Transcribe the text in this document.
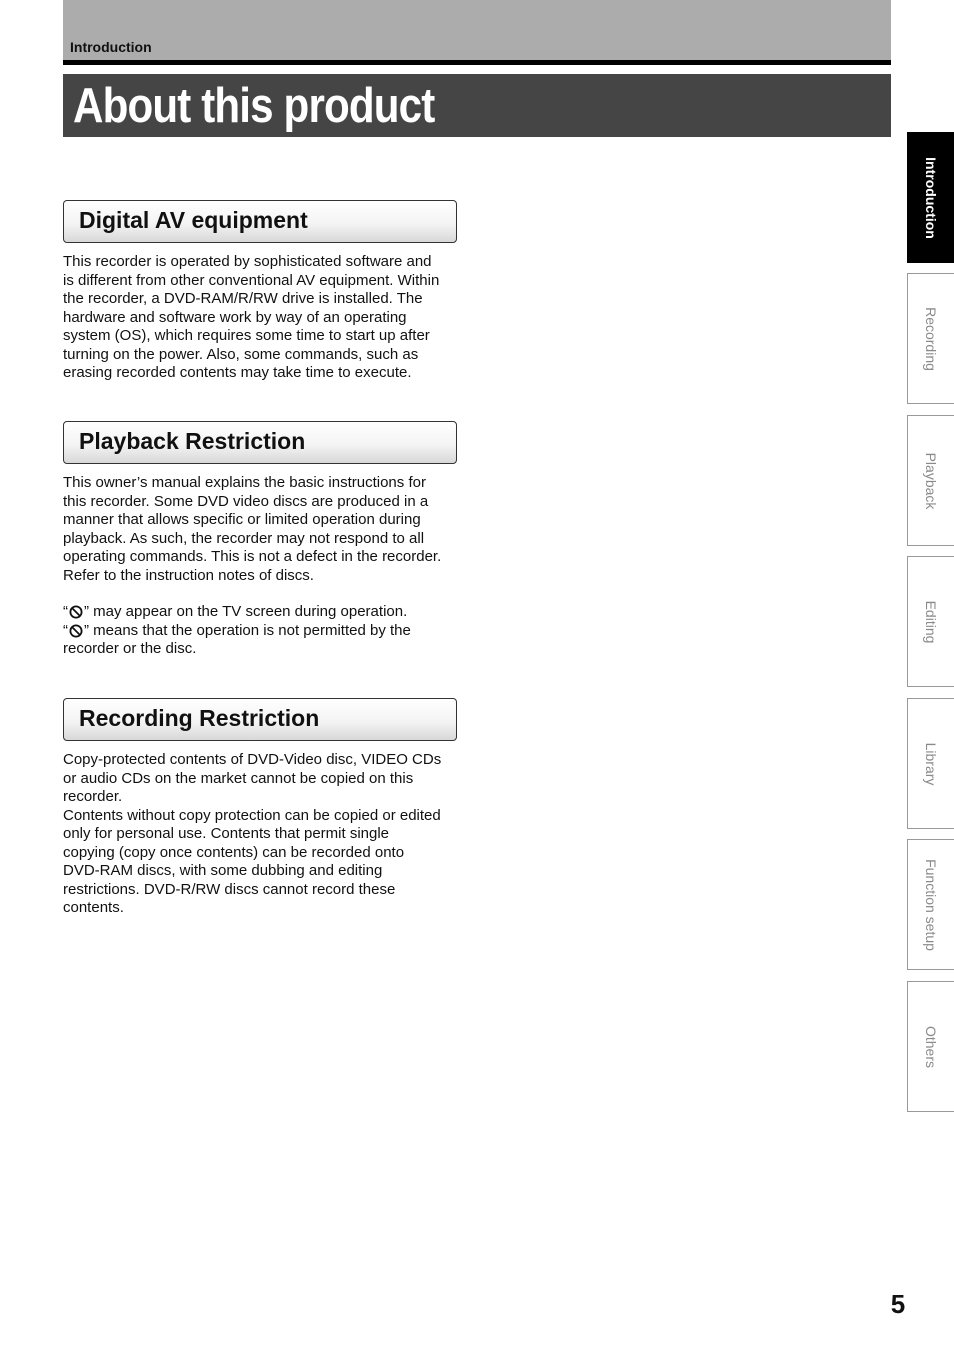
Introduction
About this product
Digital AV equipment
This recorder is operated by sophisticated software and
is different from other conventional AV equipment. Within
the recorder, a DVD-RAM/R/RW drive is installed. The
hardware and software work by way of an operating
system (OS), which requires some time to start up after
turning on the power. Also, some commands, such as
erasing recorded contents may take time to execute.
Playback Restriction
This owner’s manual explains the basic instructions for
this recorder. Some DVD video discs are produced in a
manner that allows specific or limited operation during
playback. As such, the recorder may not respond to all
operating commands. This is not a defect in the recorder.
Refer to the instruction notes of discs.
“ ” may appear on the TV screen during operation.
“ ” means that the operation is not permitted by the
recorder or the disc.
Recording Restriction
Copy-protected contents of DVD-Video disc, VIDEO CDs
or audio CDs on the market cannot be copied on this
recorder.
Contents without copy protection can be copied or edited
only for personal use. Contents that permit single
copying (copy once contents) can be recorded onto
DVD-RAM discs, with some dubbing and editing
restrictions. DVD-R/RW discs cannot record these
contents.
Introduction
Recording
Playback
Editing
Library
Function setup
Others
5
